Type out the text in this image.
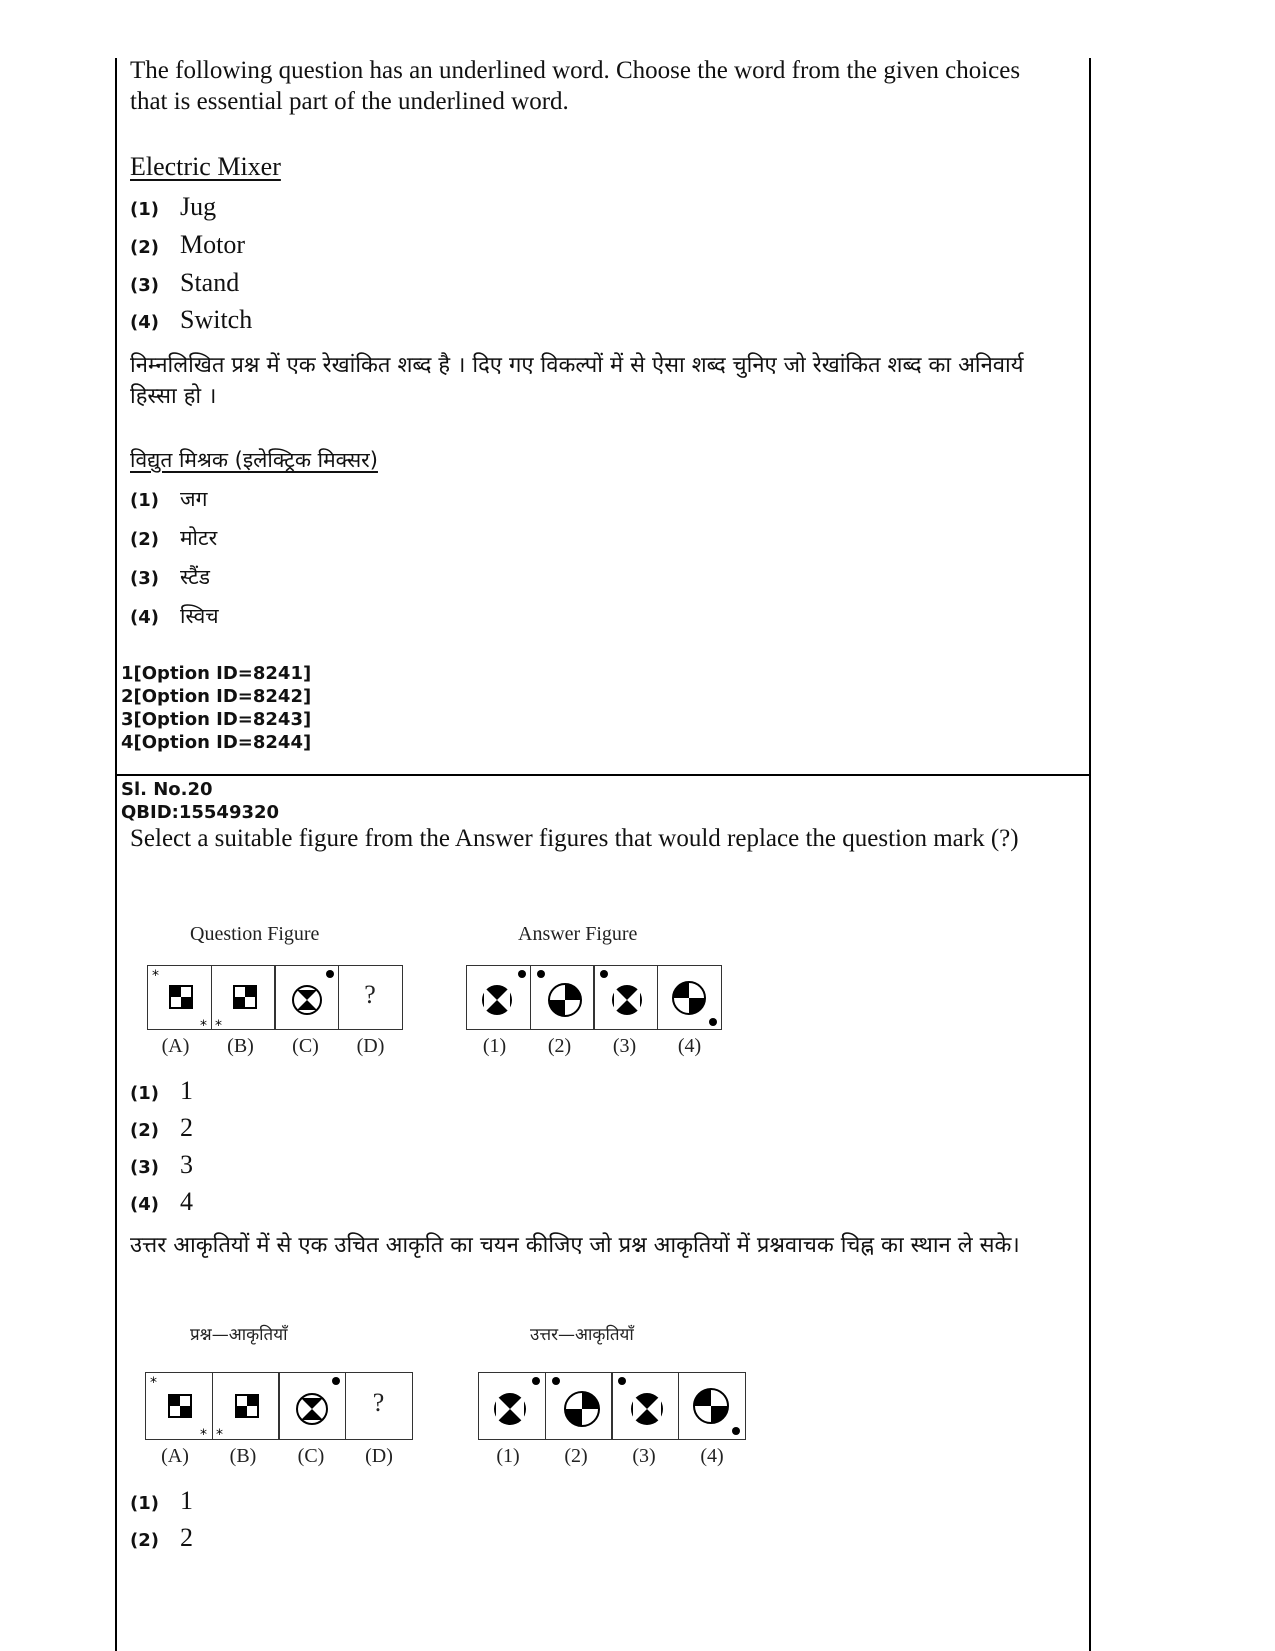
The following question has an underlined word. Choose the word from the given choices that is essential part of the underlined word.
Electric Mixer
(1) Jug
(2) Motor
(3) Stand
(4) Switch
निम्नलिखित प्रश्न में एक रेखांकित शब्द है । दिए गए विकल्पों में से ऐसा शब्द चुनिए जो रेखांकित शब्द का अनिवार्य हिस्सा हो ।
विद्युत मिश्रक (इलेक्ट्रिक मिक्सर)
(1)	जग
(2)	मोटर
(3)	स्टैंड
(4)	स्विच
1[Option ID=8241]
2[Option ID=8242]
3[Option ID=8243]
4[Option ID=8244]
Sl. No.20
QBID:15549320
Select a suitable figure from the Answer figures that would replace the question mark (?)
Question Figure	Answer Figure
*
* *
?
(A)	(B)	(C)	(D)	(1)	(2)	(3)	(4)
(1) 1
(2) 2
(3) 3
(4) 4
उत्तर आकृतियों में से एक उचित आकृति का चयन कीजिए जो प्रश्न आकृतियों में प्रश्नवाचक चिह्न का स्थान ले सके।
प्रश्न—आकृतियाँ	उत्तर—आकृतियाँ
*
* *
?
(A)	(B)	(C)	(D)	(1)	(2)	(3)	(4)
(1) 1
(2) 2
